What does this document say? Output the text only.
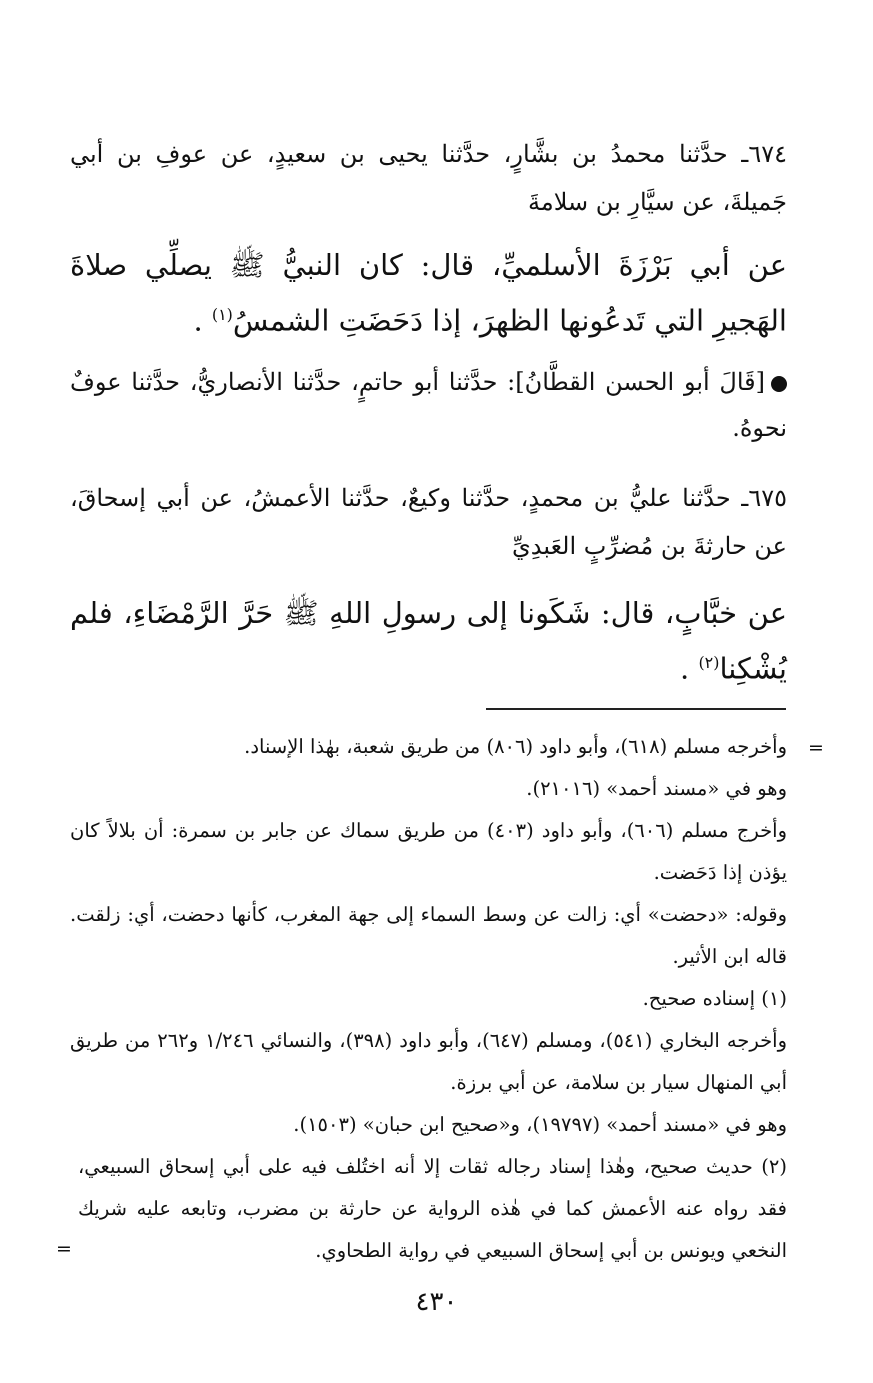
٦٧٤ـ حدَّثنا محمدُ بن بشَّارٍ، حدَّثنا يحيى بن سعيدٍ، عن عوفِ بن أبي جَميلةَ، عن سيَّارِ بن سلامةَ
عن أبي بَرْزَةَ الأسلميِّ، قال: كان النبيُّ ﷺ يصلِّي صلاةَ الهَجيرِ التي تَدعُونها الظهرَ، إذا دَحَضَتِ الشمسُ$^{(١)}$ .
[قَالَ أبو الحسن القطَّانُ]: حدَّثنا أبو حاتمٍ، حدَّثنا الأنصاريُّ، حدَّثنا عوفٌ نحوهُ.
٦٧٥ـ حدَّثنا عليُّ بن محمدٍ، حدَّثنا وكيعٌ، حدَّثنا الأعمشُ، عن أبي إسحاقَ، عن حارثةَ بن مُضرِّبٍ العَبدِيِّ
عن خبَّابٍ، قال: شَكَونا إلى رسولِ اللهِ ﷺ حَرَّ الرَّمْضَاءِ، فلم يُشْكِنا$^{(٢)}$ .
=
وأخرجه مسلم (٦١٨)، وأبو داود (٨٠٦) من طريق شعبة، بهٰذا الإسناد.
وهو في «مسند أحمد» (٢١٠١٦).
وأخرج مسلم (٦٠٦)، وأبو داود (٤٠٣) من طريق سماك عن جابر بن سمرة: أن بلالاً كان يؤذن إذا دَحَضت.
وقوله: «دحضت» أي: زالت عن وسط السماء إلى جهة المغرب، كأنها دحضت، أي: زلقت. قاله ابن الأثير.
(١) إسناده صحيح.
وأخرجه البخاري (٥٤١)، ومسلم (٦٤٧)، وأبو داود (٣٩٨)، والنسائي ١/٢٤٦ و٢٦٢ من طريق أبي المنهال سيار بن سلامة، عن أبي برزة.
وهو في «مسند أحمد» (١٩٧٩٧)، و«صحيح ابن حبان» (١٥٠٣).
(٢) حديث صحيح، وهٰذا إسناد رجاله ثقات إلا أنه اختُلف فيه على أبي إسحاق السبيعي، فقد رواه عنه الأعمش كما في هٰذه الرواية عن حارثة بن مضرب، وتابعه عليه شريك النخعي ويونس بن أبي إسحاق السبيعي في رواية الطحاوي.
=
٤٣٠
